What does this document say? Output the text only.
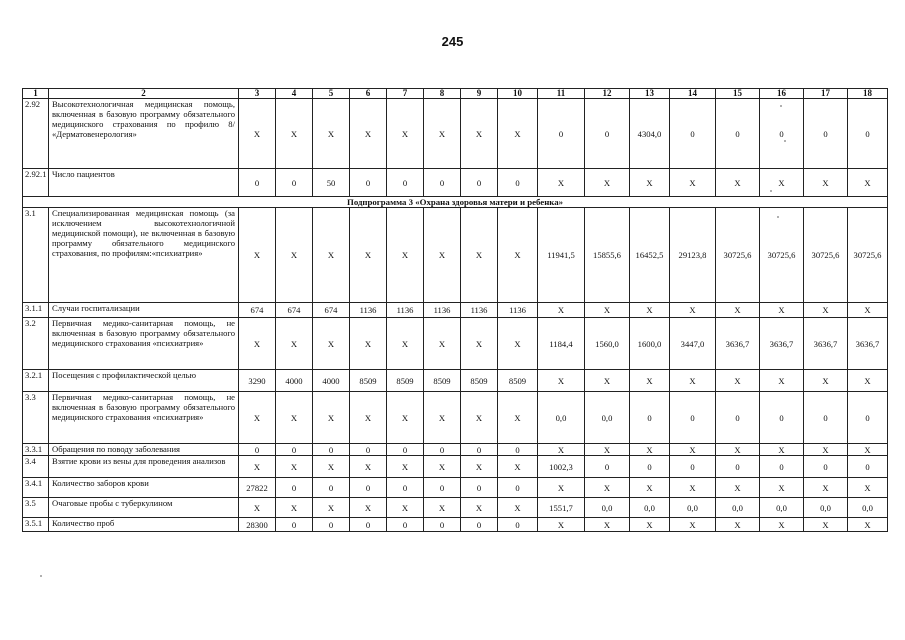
245
1	2	3	4	5	6	7	8	9	10	11	12	13	14	15	16	17	18
2.92	Высокотехнологичная медицинская помощь, включенная в базовую программу обязательного медицинского страхования по профилю 8/ «Дерматовенерология»	X	X	X	X	X	X	X	X	0	0	4304,0	0	0	0	0	0
2.92.1	Число пациентов	0	0	50	0	0	0	0	0	X	X	X	X	X	X	X	X
Подпрограмма 3 «Охрана здоровья матери и ребенка»																	
3.1	Специализированная медицинская помощь (за исключением высокотехнологичной медицинской помощи), не включенная в базовую программу обязательного медицинского страхования, по профилям:«психиатрия»	X	X	X	X	X	X	X	X	11941,5	15855,6	16452,5	29123,8	30725,6	30725,6	30725,6	30725,6
3.1.1	Случаи госпитализации	674	674	674	1136	1136	1136	1136	1136	X	X	X	X	X	X	X	X
3.2	Первичная медико-санитарная помощь, не включенная в базовую программу обязательного медицинского страхования «психиатрия»	X	X	X	X	X	X	X	X	1184,4	1560,0	1600,0	3447,0	3636,7	3636,7	3636,7	3636,7
3.2.1	Посещения с профилактической целью	3290	4000	4000	8509	8509	8509	8509	8509	X	X	X	X	X	X	X	X
3.3	Первичная медико-санитарная помощь, не включенная в базовую программу обязательного медицинского страхования «психиатрия»	X	X	X	X	X	X	X	X	0,0	0,0	0	0	0	0	0	0
3.3.1	Обращения по поводу заболевания	0	0	0	0	0	0	0	0	X	X	X	X	X	X	X	X
3.4	Взятие крови из вены для проведения анализов	X	X	X	X	X	X	X	X	1002,3	0	0	0	0	0	0	0
3.4.1	Количество заборов крови	27822	0	0	0	0	0	0	0	X	X	X	X	X	X	X	X
3.5	Очаговые пробы с туберкулином	X	X	X	X	X	X	X	X	1551,7	0,0	0,0	0,0	0,0	0,0	0,0	0,0
3.5.1	Количество проб	28300	0	0	0	0	0	0	0	X	X	X	X	X	X	X	X
